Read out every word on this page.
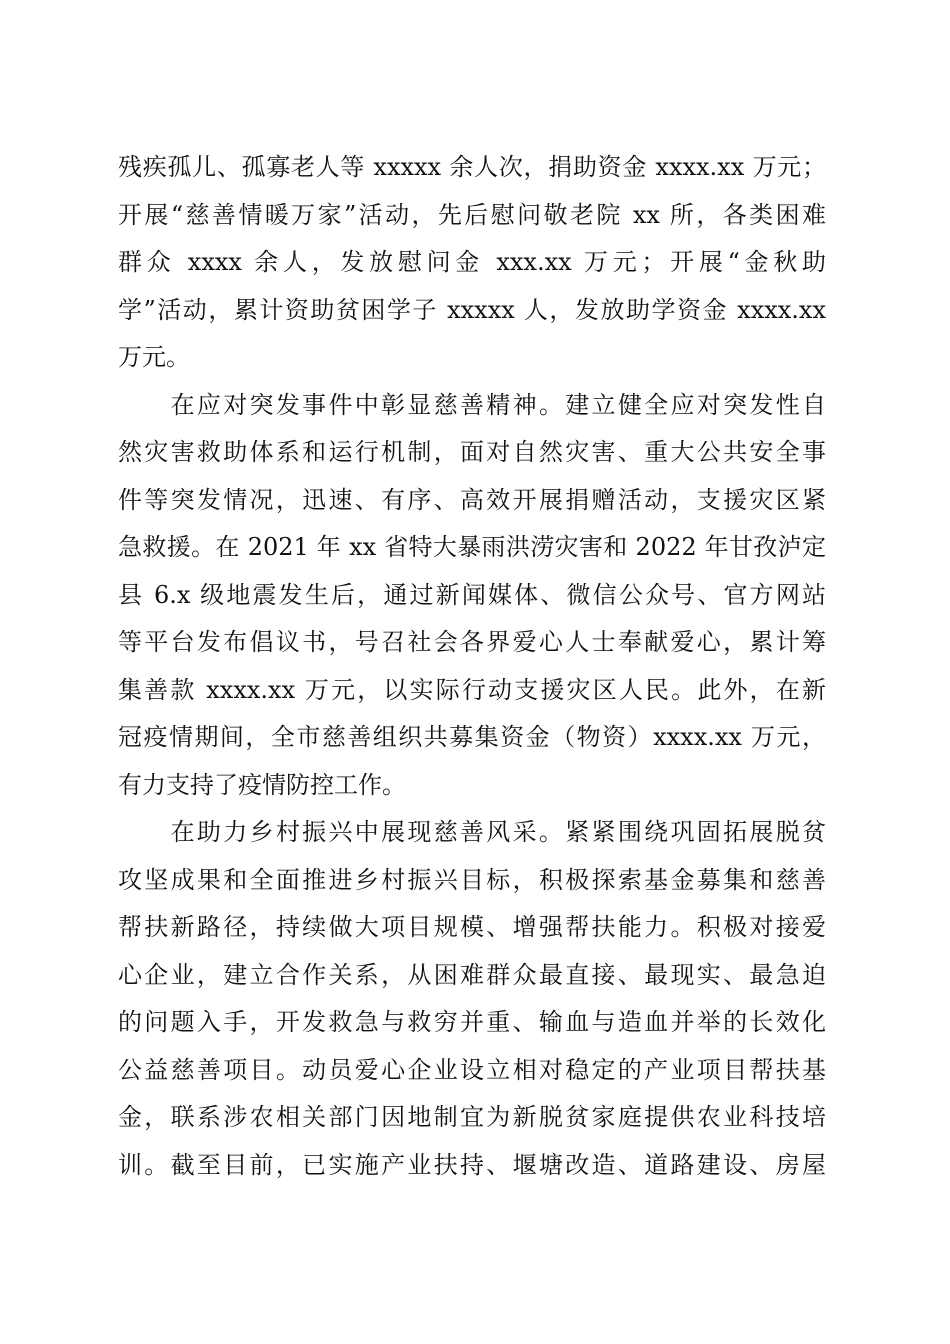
残疾孤儿、孤寡老人等 xxxxx 余人次，捐助资金 xxxx.xx 万元；
开展“慈善情暖万家”活动，先后慰问敬老院 xx 所，各类困难
群众 xxxx 余人，发放慰问金 xxx.xx 万元；开展“金秋助
学”活动，累计资助贫困学子 xxxxx 人，发放助学资金 xxxx.xx
万元。
　　在应对突发事件中彰显慈善精神。建立健全应对突发性自
然灾害救助体系和运行机制，面对自然灾害、重大公共安全事
件等突发情况，迅速、有序、高效开展捐赠活动，支援灾区紧
急救援。在 2021 年 xx 省特大暴雨洪涝灾害和 2022 年甘孜泸定
县 6.x 级地震发生后，通过新闻媒体、微信公众号、官方网站
等平台发布倡议书，号召社会各界爱心人士奉献爱心，累计筹
集善款 xxxx.xx 万元，以实际行动支援灾区人民。此外，在新
冠疫情期间，全市慈善组织共募集资金（物资）xxxx.xx 万元，
有力支持了疫情防控工作。
　　在助力乡村振兴中展现慈善风采。紧紧围绕巩固拓展脱贫
攻坚成果和全面推进乡村振兴目标，积极探索基金募集和慈善
帮扶新路径，持续做大项目规模、增强帮扶能力。积极对接爱
心企业，建立合作关系，从困难群众最直接、最现实、最急迫
的问题入手，开发救急与救穷并重、输血与造血并举的长效化
公益慈善项目。动员爱心企业设立相对稳定的产业项目帮扶基
金，联系涉农相关部门因地制宜为新脱贫家庭提供农业科技培
训。截至目前，已实施产业扶持、堰塘改造、道路建设、房屋
